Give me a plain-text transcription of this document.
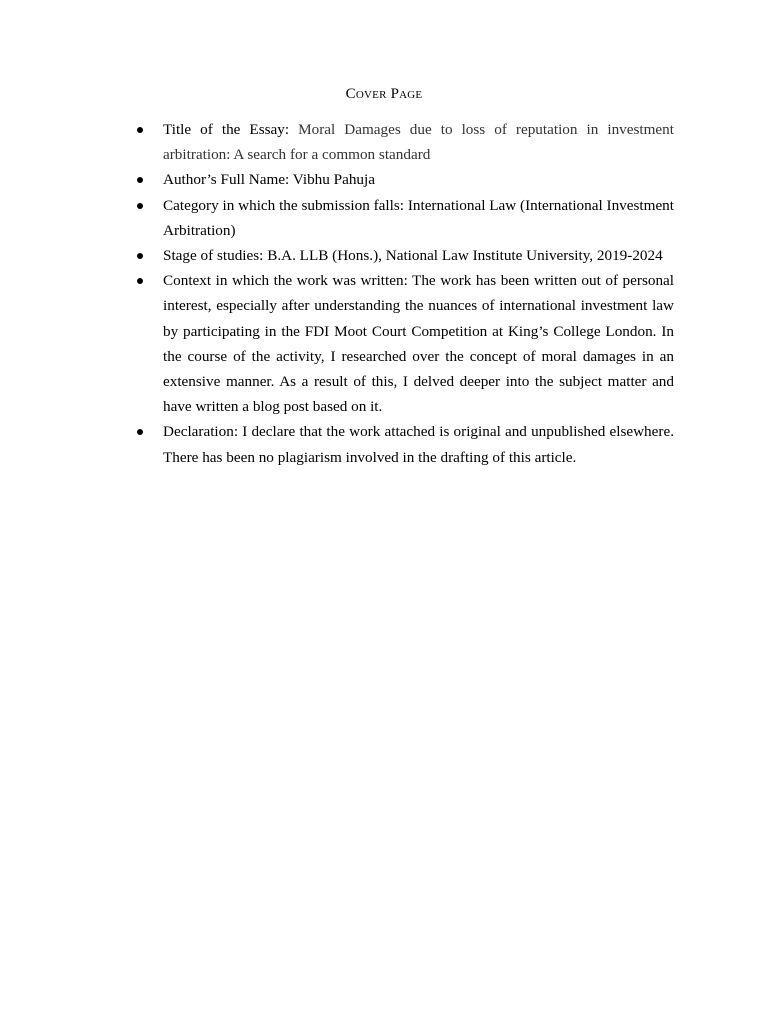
Cover Page
Title of the Essay: Moral Damages due to loss of reputation in investment arbitration: A search for a common standard
Author’s Full Name: Vibhu Pahuja
Category in which the submission falls: International Law (International Investment Arbitration)
Stage of studies: B.A. LLB (Hons.), National Law Institute University, 2019-2024
Context in which the work was written: The work has been written out of personal interest, especially after understanding the nuances of international investment law by participating in the FDI Moot Court Competition at King’s College London. In the course of the activity, I researched over the concept of moral damages in an extensive manner. As a result of this, I delved deeper into the subject matter and have written a blog post based on it.
Declaration: I declare that the work attached is original and unpublished elsewhere. There has been no plagiarism involved in the drafting of this article.
